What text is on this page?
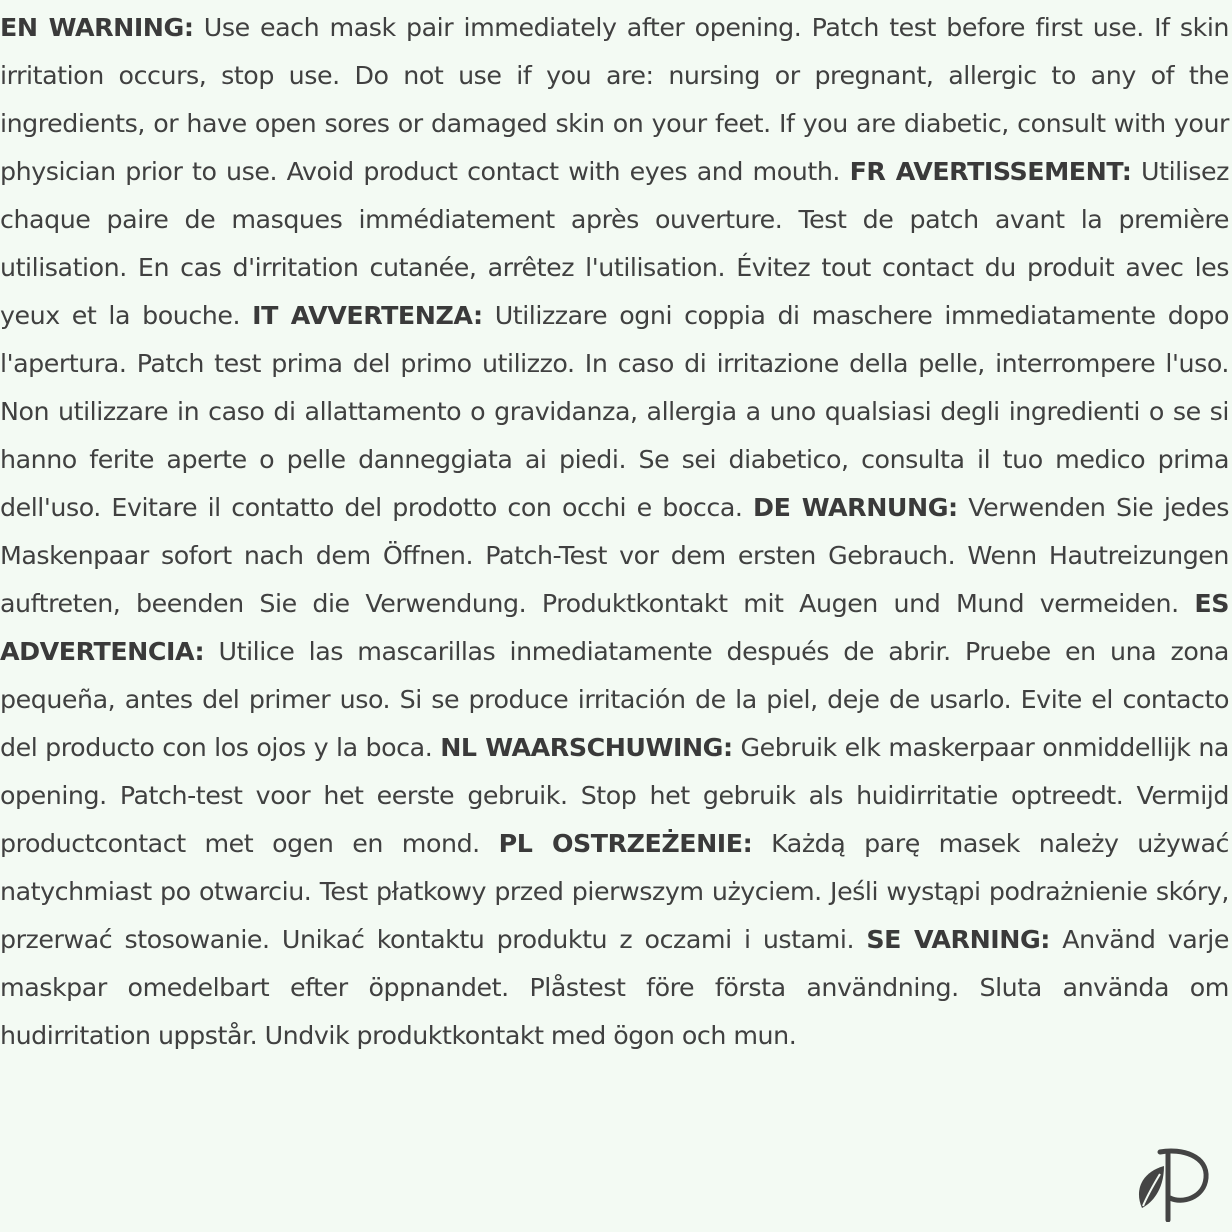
EN WARNING: Use each mask pair immediately after opening. Patch test before first use. If skin irritation occurs, stop use. Do not use if you are: nursing or pregnant, allergic to any of the ingredients, or have open sores or damaged skin on your feet. If you are diabetic, consult with your physician prior to use. Avoid product contact with eyes and mouth. FR AVERTISSEMENT: Utilisez chaque paire de masques immédiatement après ouverture. Test de patch avant la première utilisation. En cas d'irritation cutanée, arrêtez l'utilisation. Évitez tout contact du produit avec les yeux et la bouche. IT AVVERTENZA: Utilizzare ogni coppia di maschere immediatamente dopo l'apertura. Patch test prima del primo utilizzo. In caso di irritazione della pelle, interrompere l'uso. Non utilizzare in caso di allattamento o gravidanza, allergia a uno qualsiasi degli ingredienti o se si hanno ferite aperte o pelle danneggiata ai piedi. Se sei diabetico, consulta il tuo medico prima dell'uso. Evitare il contatto del prodotto con occhi e bocca. DE WARNUNG: Verwenden Sie jedes Maskenpaar sofort nach dem Öffnen. Patch-Test vor dem ersten Gebrauch. Wenn Hautreizungen auftreten, beenden Sie die Verwendung. Produktkontakt mit Augen und Mund vermeiden. ES ADVERTENCIA: Utilice las mascarillas inmediatamente después de abrir. Pruebe en una zona pequeña, antes del primer uso. Si se produce irritación de la piel, deje de usarlo. Evite el contacto del producto con los ojos y la boca. NL WAARSCHUWING: Gebruik elk maskerpaar onmiddellijk na opening. Patch-test voor het eerste gebruik. Stop het gebruik als huidirritatie optreedt. Vermijd productcontact met ogen en mond. PL OSTRZEŻENIE: Każdą parę masek należy używać natychmiast po otwarciu. Test płatkowy przed pierwszym użyciem. Jeśli wystąpi podrażnienie skóry, przerwać stosowanie. Unikać kontaktu produktu z oczami i ustami. SE VARNING: Använd varje maskpar omedelbart efter öppnandet. Plåstest före första användning. Sluta använda om hudirritation uppstår. Undvik produktkontakt med ögon och mun.
